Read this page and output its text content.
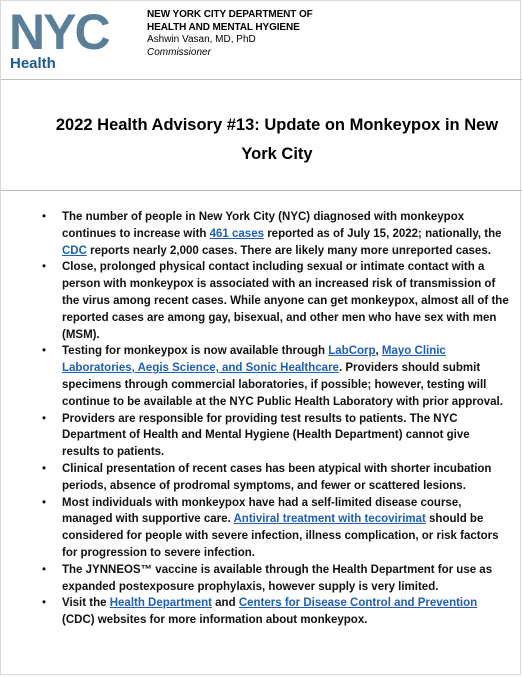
NYC
Health
NEW YORK CITY DEPARTMENT OF
HEALTH AND MENTAL HYGIENE
Ashwin Vasan, MD, PhD
Commissioner
2022 Health Advisory #13: Update on Monkeypox in New York City
• The number of people in New York City (NYC) diagnosed with monkeypox continues to increase with 461 cases reported as of July 15, 2022; nationally, the CDC reports nearly 2,000 cases. There are likely many more unreported cases.
• Close, prolonged physical contact including sexual or intimate contact with a person with monkeypox is associated with an increased risk of transmission of the virus among recent cases. While anyone can get monkeypox, almost all of the reported cases are among gay, bisexual, and other men who have sex with men (MSM).
• Testing for monkeypox is now available through LabCorp, Mayo Clinic Laboratories, Aegis Science, and Sonic Healthcare. Providers should submit specimens through commercial laboratories, if possible; however, testing will continue to be available at the NYC Public Health Laboratory with prior approval.
• Providers are responsible for providing test results to patients. The NYC Department of Health and Mental Hygiene (Health Department) cannot give results to patients.
• Clinical presentation of recent cases has been atypical with shorter incubation periods, absence of prodromal symptoms, and fewer or scattered lesions.
• Most individuals with monkeypox have had a self-limited disease course, managed with supportive care. Antiviral treatment with tecovirimat should be considered for people with severe infection, illness complication, or risk factors for progression to severe infection.
• The JYNNEOS™ vaccine is available through the Health Department for use as expanded postexposure prophylaxis, however supply is very limited.
• Visit the Health Department and Centers for Disease Control and Prevention (CDC) websites for more information about monkeypox.
